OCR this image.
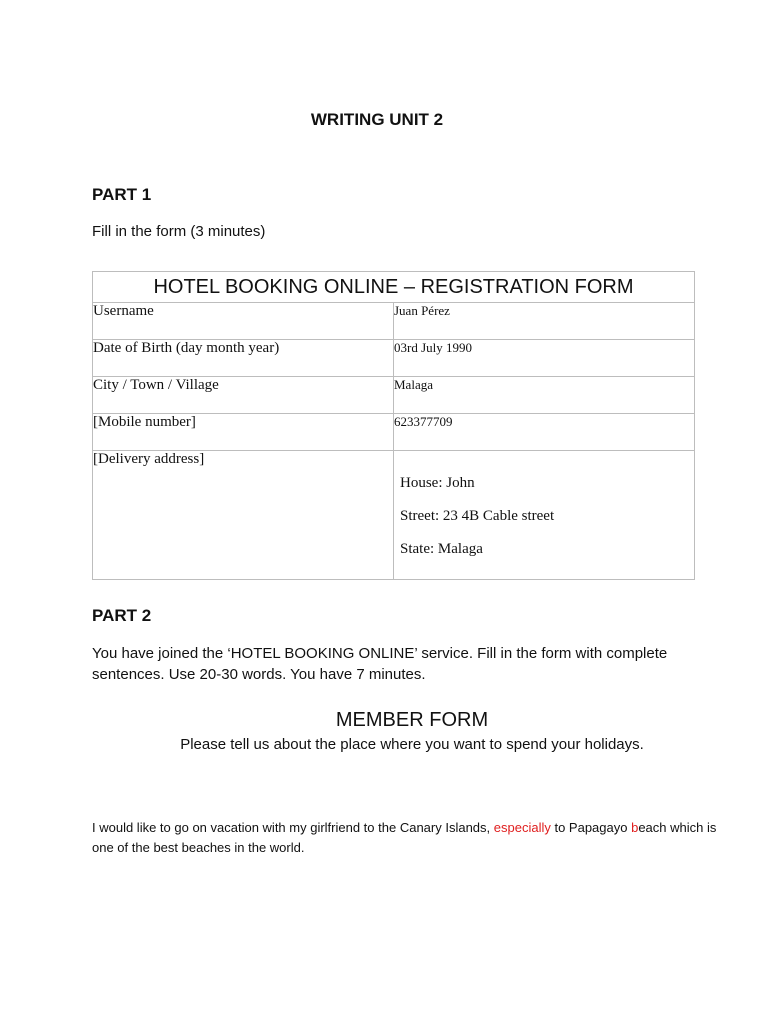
WRITING UNIT 2
PART 1
Fill in the form (3 minutes)
HOTEL BOOKING ONLINE – REGISTRATION FORM	
Username	Juan Pérez
Date of Birth (day month year)	03rd July 1990
City / Town / Village	Malaga
[Mobile number]	623377709
[Delivery address]	House: John
Street: 23 4B Cable street
State: Malaga
PART 2
You have joined the ‘HOTEL BOOKING ONLINE’ service. Fill in the form with complete sentences. Use 20-30 words. You have 7 minutes.
MEMBER FORM
Please tell us about the place where you want to spend your holidays.
I would like to go on vacation with my girlfriend to the Canary Islands, especially to Papagayo beach which is one of the best beaches in the world.
